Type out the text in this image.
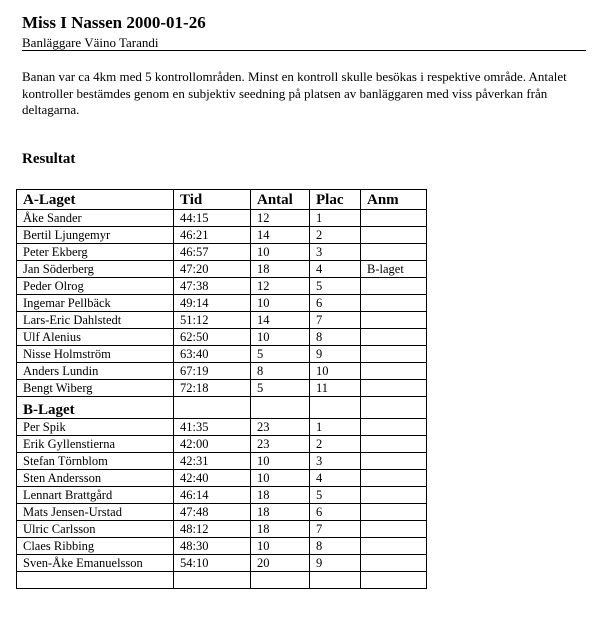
Miss I Nassen 2000-01-26
Banläggare Väino Tarandi
Banan var ca 4km med 5 kontrollområden. Minst en kontroll skulle besökas i respektive område. Antalet kontroller bestämdes genom en subjektiv seedning på platsen av banläggaren med viss påverkan från deltagarna.
Resultat
A-Laget	Tid	Antal	Plac	Anm
Åke Sander	44:15	12	1	
Bertil Ljungemyr	46:21	14	2	
Peter Ekberg	46:57	10	3	
Jan Söderberg	47:20	18	4	B-laget
Peder Olrog	47:38	12	5	
Ingemar Pellbäck	49:14	10	6	
Lars-Eric Dahlstedt	51:12	14	7	
Ulf Alenius	62:50	10	8	
Nisse Holmström	63:40	5	9	
Anders Lundin	67:19	8	10	
Bengt Wiberg	72:18	5	11	
B-Laget				
Per Spik	41:35	23	1	
Erik Gyllenstierna	42:00	23	2	
Stefan Törnblom	42:31	10	3	
Sten Andersson	42:40	10	4	
Lennart Brattgård	46:14	18	5	
Mats Jensen-Urstad	47:48	18	6	
Ulric Carlsson	48:12	18	7	
Claes Ribbing	48:30	10	8	
Sven-Åke Emanuelsson	54:10	20	9	
